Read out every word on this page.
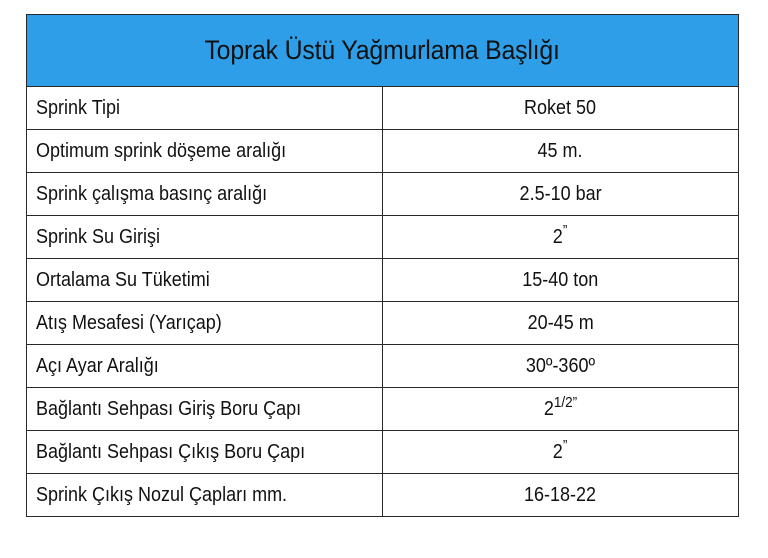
Toprak Üstü Yağmurlama Başlığı	
Sprink Tipi	Roket 50
Optimum sprink döşeme aralığı	45 m.
Sprink çalışma basınç aralığı	2.5-10 bar
Sprink Su Girişi	2”
Ortalama Su Tüketimi	15-40 ton
Atış Mesafesi (Yarıçap)	20-45 m
Açı Ayar Aralığı	30º-360º
Bağlantı Sehpası Giriş Boru Çapı	$2^{1/2”}$
Bağlantı Sehpası Çıkış Boru Çapı	2”
Sprink Çıkış Nozul Çapları mm.	16-18-22
